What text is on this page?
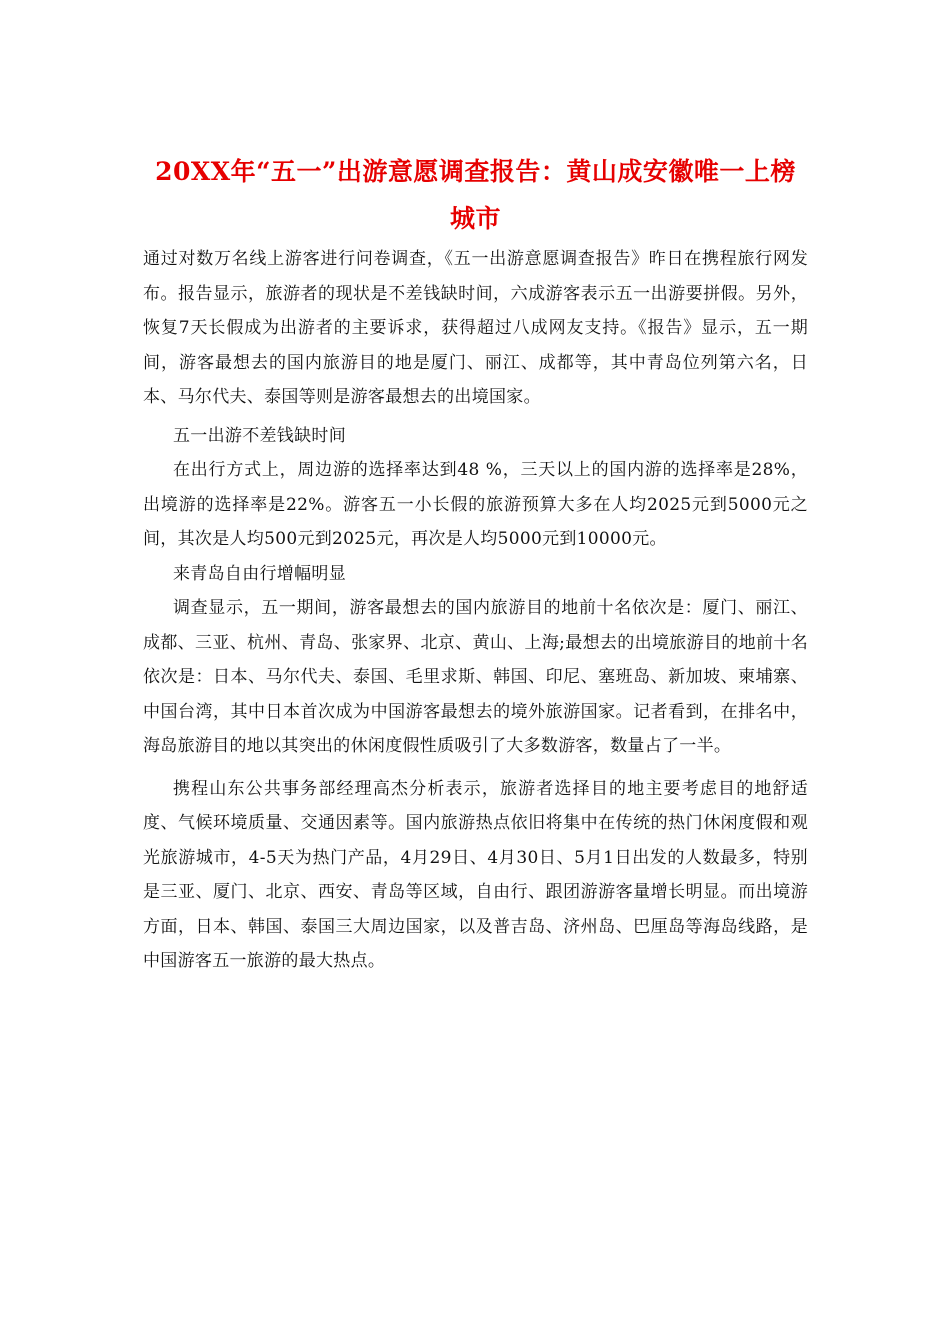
20XX年“五一”出游意愿调查报告：黄山成安徽唯一上榜城市

通过对数万名线上游客进行问卷调查，《五一出游意愿调查报告》昨日在携程旅行网发布。报告显示，旅游者的现状是不差钱缺时间，六成游客表示五一出游要拼假。另外，恢复7天长假成为出游者的主要诉求，获得超过八成网友支持。《报告》显示，五一期间，游客最想去的国内旅游目的地是厦门、丽江、成都等，其中青岛位列第六名，日本、马尔代夫、泰国等则是游客最想去的出境国家。

五一出游不差钱缺时间

在出行方式上，周边游的选择率达到48 %，三天以上的国内游的选择率是28%，出境游的选择率是22%。游客五一小长假的旅游预算大多在人均2025元到5000元之间，其次是人均500元到2025元，再次是人均5000元到10000元。

来青岛自由行增幅明显

调查显示，五一期间，游客最想去的国内旅游目的地前十名依次是：厦门、丽江、成都、三亚、杭州、青岛、张家界、北京、黄山、上海;最想去的出境旅游目的地前十名依次是：日本、马尔代夫、泰国、毛里求斯、韩国、印尼、塞班岛、新加坡、柬埔寨、中国台湾，其中日本首次成为中国游客最想去的境外旅游国家。记者看到，在排名中，海岛旅游目的地以其突出的休闲度假性质吸引了大多数游客，数量占了一半。

携程山东公共事务部经理高杰分析表示，旅游者选择目的地主要考虑目的地舒适度、气候环境质量、交通因素等。国内旅游热点依旧将集中在传统的热门休闲度假和观光旅游城市，4-5天为热门产品，4月29日、4月30日、5月1日出发的人数最多，特别是三亚、厦门、北京、西安、青岛等区域，自由行、跟团游游客量增长明显。而出境游方面，日本、韩国、泰国三大周边国家，以及普吉岛、济州岛、巴厘岛等海岛线路，是中国游客五一旅游的最大热点。
